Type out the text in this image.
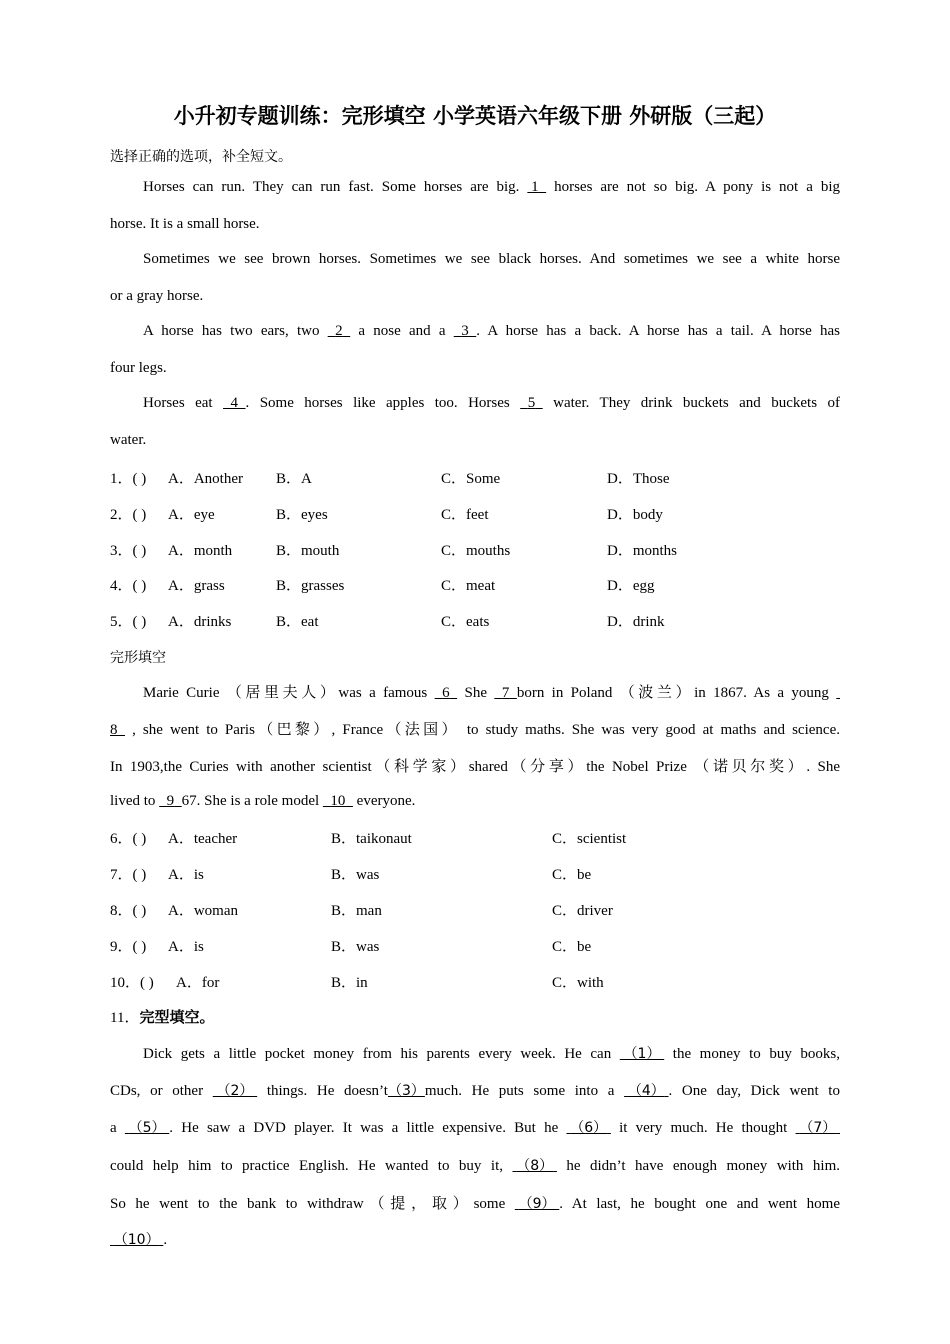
小升初专题训练：完形填空 小学英语六年级下册 外研版（三起）
选择正确的选项，补全短文。
Horses can run. They can run fast. Some horses are big.  1   horses are not so big. A pony is not a big
horse. It is a small horse.
Sometimes we see brown horses. Sometimes we see black horses. And sometimes we see a white horse
or a gray horse.
A horse has two ears, two   2   a nose and a   3 . A horse has a back. A horse has a tail. A horse has
four legs.
Horses eat   4 . Some horses like apples too. Horses   5   water. They drink buckets and buckets of
water.
1．( ) A．Another B．A	C．Some	D．Those
2．( ) A．eye	B．eyes	C．feet	D．body
3．( ) A．month	B．mouth	C．mouths	D．months
4．( ) A．grass	B．grasses	C．meat	D．egg
5．( ) A．drinks	B．eat	C．eats	D．drink
完形填空
Marie Curie （居里夫人）was a famous   6   She   7 born in Poland （波兰）in 1867. As a young
8   , she went to Paris（巴黎）, France（法国） to study maths. She was very good at maths and science.
In 1903,the Curies with another scientist（科学家）shared（分享）the Nobel Prize （诺贝尔奖）. She
lived to   9 67. She is a role model   10   everyone.
6．( ) A．teacher	B．taikonaut	C．scientist
7．( ) A．is	B．was	C．be
8．( ) A．woman	B．man	C．driver
9．( ) A．is	B．was	C．be
10．( ) A．for	B．in	C．with
11．完型填空。
Dick gets a little pocket money from his parents every week. He can  （1）  the money to buy books,
CDs, or other  （2）  things. He doesn’t（3）much. He puts some into a  （4） . One day, Dick went to
a  （5） . He saw a DVD player. It was a little expensive. But he  （6）  it very much. He thought  （7）
could help him to practice English. He wanted to buy it,  （8）  he didn’t have enough money with him.
So he went to the bank to withdraw（提，取）some  （9） . At last, he bought one and went home
（10） .
